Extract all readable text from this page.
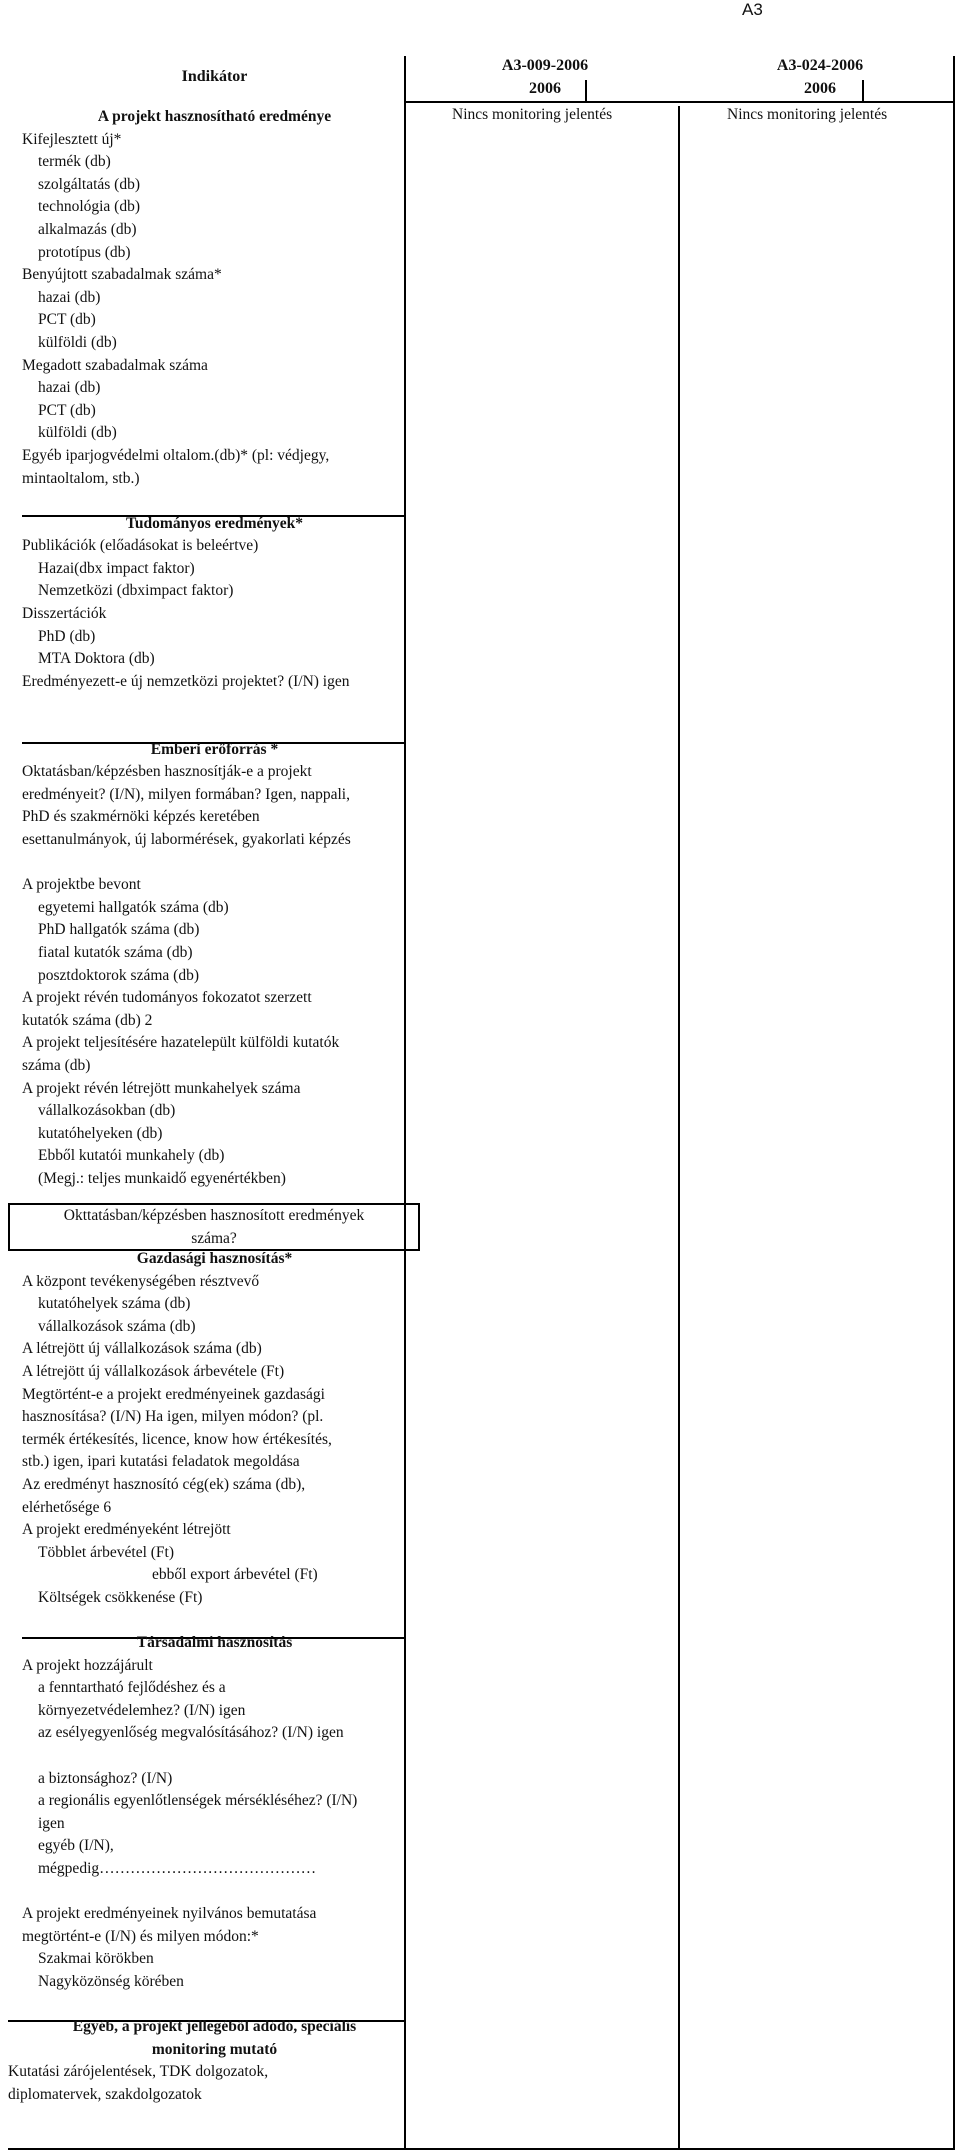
A3
Indikátor
A3-009-2006
2006
A3-024-2006
2006
Nincs monitoring jelentés	Nincs monitoring jelentés
A projekt hasznosítható eredménye
Kifejlesztett új*
termék (db)
szolgáltatás (db)
technológia (db)
alkalmazás (db)
prototípus (db)
Benyújtott szabadalmak száma*
hazai (db)
PCT (db)
külföldi (db)
Megadott szabadalmak száma
hazai (db)
PCT (db)
külföldi (db)
Egyéb iparjogvédelmi oltalom.(db)* (pl: védjegy,
mintaoltalom, stb.)
Tudományos eredmények*
Publikációk (előadásokat is beleértve)
Hazai(dbx impact faktor)
Nemzetközi (dbximpact faktor)
Disszertációk
PhD (db)
MTA Doktora (db)
Eredményezett-e új nemzetközi projektet? (I/N) igen
Emberi erőforrás *
Oktatásban/képzésben hasznosítják-e a projekt
eredményeit? (I/N), milyen formában? Igen, nappali,
PhD és szakmérnöki képzés keretében
esettanulmányok, új labormérések, gyakorlati képzés
A projektbe bevont
egyetemi hallgatók száma (db)
PhD hallgatók száma (db)
fiatal kutatók száma (db)
posztdoktorok száma (db)
A projekt révén tudományos fokozatot szerzett
kutatók száma (db) 2
A projekt teljesítésére hazatelepült külföldi kutatók
száma (db)
A projekt révén létrejött munkahelyek száma
vállalkozásokban (db)
kutatóhelyeken (db)
Ebből kutatói munkahely (db)
(Megj.: teljes munkaidő egyenértékben)
Okttatásban/képzésben hasznosított eredmények
száma?
Gazdasági hasznosítás*
A központ tevékenységében résztvevő
kutatóhelyek száma (db)
vállalkozások száma (db)
A létrejött új vállalkozások száma (db)
A létrejött új vállalkozások árbevétele (Ft)
Megtörtént-e a projekt eredményeinek gazdasági
hasznosítása? (I/N) Ha igen, milyen módon? (pl.
termék értékesítés, licence, know how értékesítés,
stb.) igen, ipari kutatási feladatok megoldása
Az eredményt hasznosító cég(ek) száma (db),
elérhetősége 6
A projekt eredményeként létrejött
Többlet árbevétel (Ft)
ebből export árbevétel (Ft)
Költségek csökkenése (Ft)
Társadalmi hasznosítás
A projekt hozzájárult
a fenntartható fejlődéshez és a
környezetvédelemhez? (I/N) igen
az esélyegyenlőség megvalósításához? (I/N) igen
a biztonsághoz? (I/N)
a regionális egyenlőtlenségek mérsékléséhez? (I/N)
igen
egyéb (I/N),
mégpedig……………………………………
A projekt eredményeinek nyilvános bemutatása
megtörtént-e (I/N) és milyen módon:*
Szakmai körökben
Nagyközönség körében
Egyéb, a projekt jellegéből adódó, speciális
monitoring mutató
Kutatási zárójelentések, TDK dolgozatok,
diplomatervek, szakdolgozatok
